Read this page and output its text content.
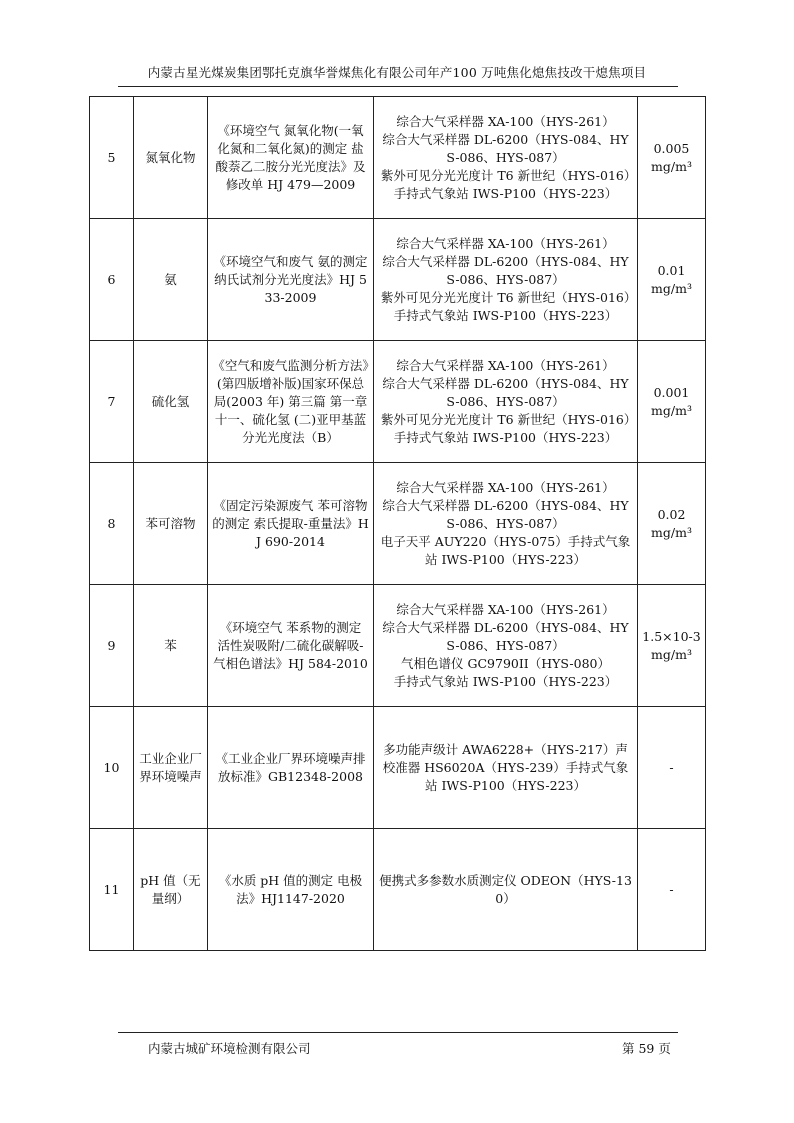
内蒙古星光煤炭集团鄂托克旗华誉煤焦化有限公司年产100 万吨焦化熄焦技改干熄焦项目
5	氮氧化物	《环境空气 氮氧化物(一氧化氮和二氧化氮)的测定 盐酸萘乙二胺分光光度法》及修改单 HJ 479—2009	综合大气采样器 XA-100（HYS-261）
综合大气采样器 DL-6200（HYS-084、HYS-086、HYS-087）
紫外可见分光光度计 T6 新世纪（HYS-016）手持式气象站 IWS-P100（HYS-223）	0.005
mg/m³

6	氨	《环境空气和废气 氨的测定 纳氏试剂分光光度法》HJ 533-2009	综合大气采样器 XA-100（HYS-261）
综合大气采样器 DL-6200（HYS-084、HYS-086、HYS-087）
紫外可见分光光度计 T6 新世纪（HYS-016）手持式气象站 IWS-P100（HYS-223）	0.01
mg/m³

7	硫化氢	《空气和废气监测分析方法》(第四版增补版)国家环保总局(2003 年) 第三篇 第一章 十一、硫化氢 (二)亚甲基蓝分光光度法（B）	综合大气采样器 XA-100（HYS-261）
综合大气采样器 DL-6200（HYS-084、HYS-086、HYS-087）
紫外可见分光光度计 T6 新世纪（HYS-016）手持式气象站 IWS-P100（HYS-223）	0.001
mg/m³

8	苯可溶物	《固定污染源废气 苯可溶物的测定 索氏提取-重量法》HJ 690-2014	综合大气采样器 XA-100（HYS-261）
综合大气采样器 DL-6200（HYS-084、HYS-086、HYS-087）
电子天平 AUY220（HYS-075）手持式气象站 IWS-P100（HYS-223）	0.02
mg/m³

9	苯	《环境空气 苯系物的测定 活性炭吸附/二硫化碳解吸-气相色谱法》HJ 584-2010	综合大气采样器 XA-100（HYS-261）
综合大气采样器 DL-6200（HYS-084、HYS-086、HYS-087）
气相色谱仪 GC9790II（HYS-080）
手持式气象站 IWS-P100（HYS-223）	1.5×10-3
mg/m³

10	工业企业厂界环境噪声	《工业企业厂界环境噪声排放标准》GB12348-2008	多功能声级计 AWA6228+（HYS-217）声校准器 HS6020A（HYS-239）手持式气象站 IWS-P100（HYS-223）	-

11	pH 值（无量纲）	《水质 pH 值的测定 电极法》HJ1147-2020	便携式多参数水质测定仪 ODEON（HYS-130）	-
内蒙古城矿环境检测有限公司	第 59 页
